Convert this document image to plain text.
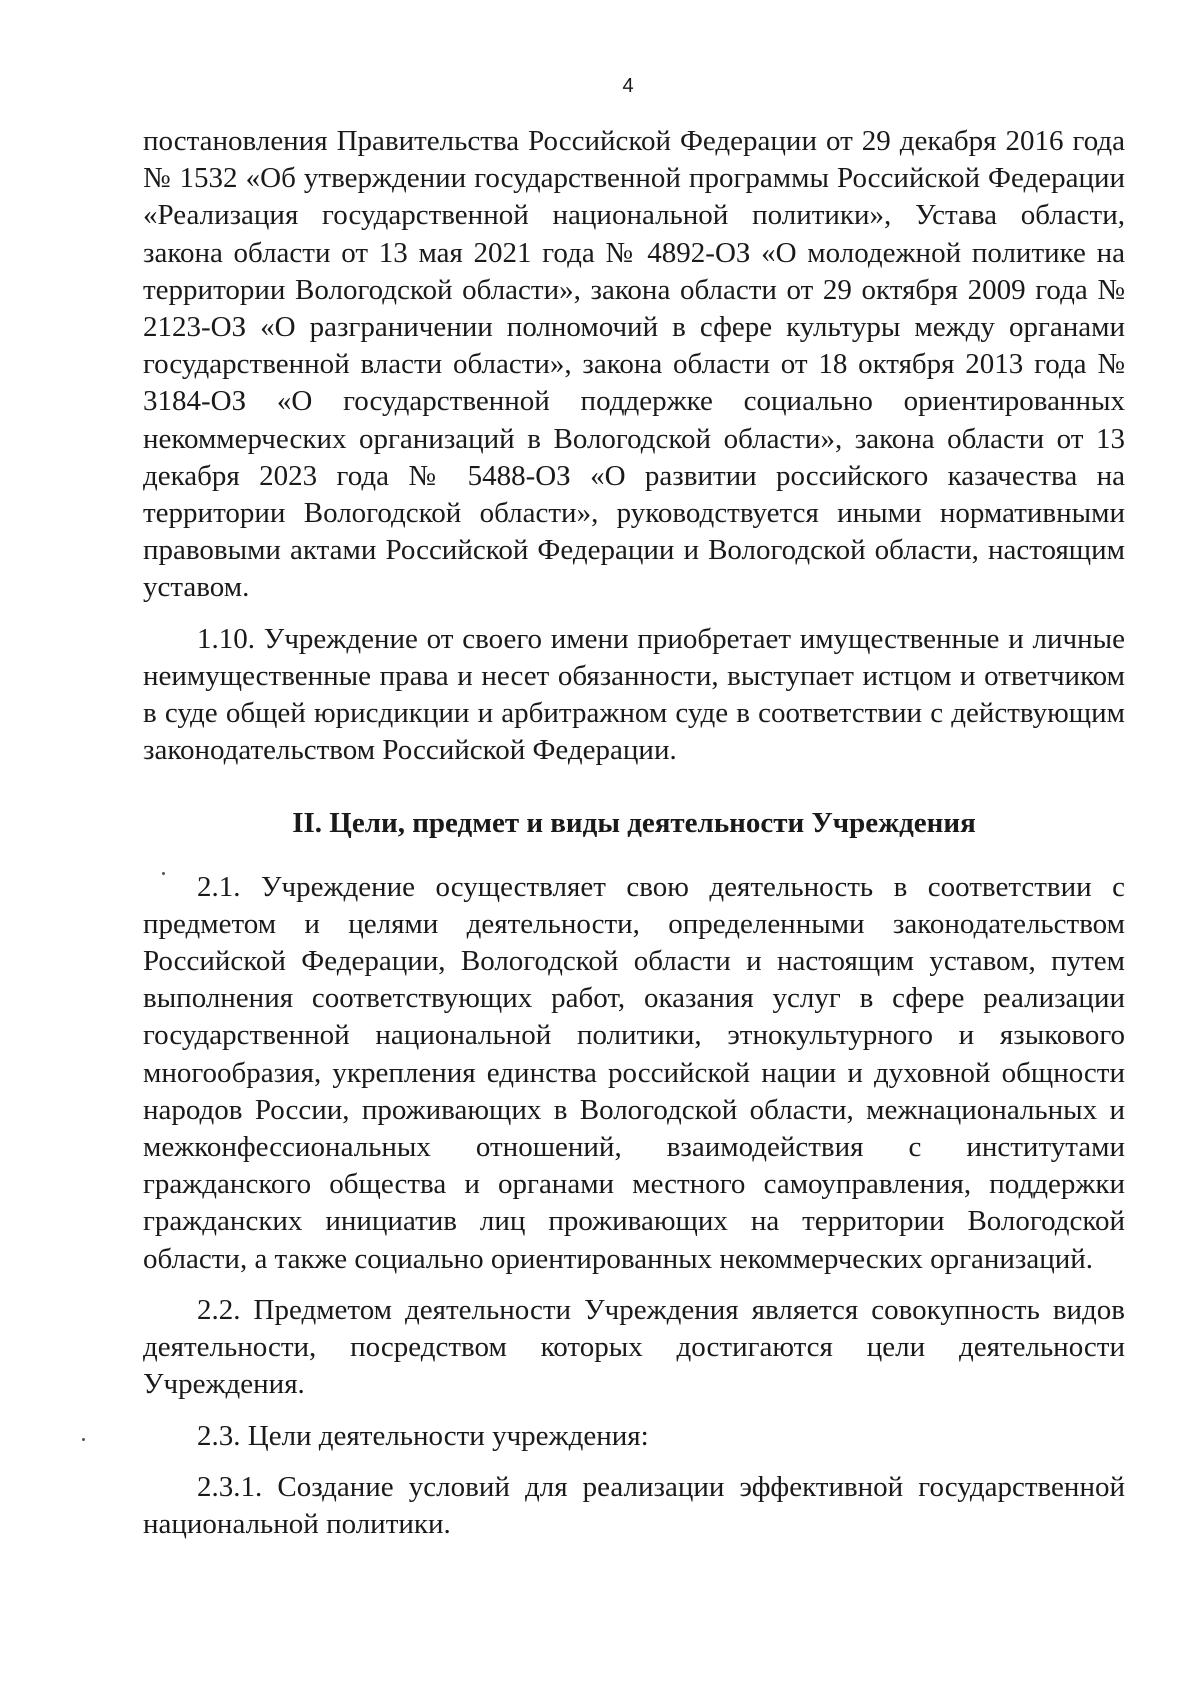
4

постановления Правительства Российской Федерации от 29 декабря 2016 года № 1532 «Об утверждении государственной программы Российской Федерации «Реализация государственной национальной политики», Устава области, закона области от 13 мая 2021 года № 4892-ОЗ «О молодежной политике на территории Вологодской области», закона области от 29 октября 2009 года № 2123-ОЗ «О разграничении полномочий в сфере культуры между органами государственной власти области», закона области от 18 октября 2013 года № 3184-ОЗ «О государственной поддержке социально ориентированных некоммерческих организаций в Вологодской области», закона области от 13 декабря 2023 года № 5488-ОЗ «О развитии российского казачества на территории Вологодской области», руководствуется иными нормативными правовыми актами Российской Федерации и Вологодской области, настоящим уставом.

1.10. Учреждение от своего имени приобретает имущественные и личные неимущественные права и несет обязанности, выступает истцом и ответчиком в суде общей юрисдикции и арбитражном суде в соответствии с действующим законодательством Российской Федерации.

II. Цели, предмет и виды деятельности Учреждения

2.1. Учреждение осуществляет свою деятельность в соответствии с предметом и целями деятельности, определенными законодательством Российской Федерации, Вологодской области и настоящим уставом, путем выполнения соответствующих работ, оказания услуг в сфере реализации государственной национальной политики, этнокультурного и языкового многообразия, укрепления единства российской нации и духовной общности народов России, проживающих в Вологодской области, межнациональных и межконфессиональных отношений, взаимодействия с институтами гражданского общества и органами местного самоуправления, поддержки гражданских инициатив лиц проживающих на территории Вологодской области, а также социально ориентированных некоммерческих организаций.

2.2. Предметом деятельности Учреждения является совокупность видов деятельности, посредством которых достигаются цели деятельности Учреждения.

2.3. Цели деятельности учреждения:

2.3.1. Создание условий для реализации эффективной государственной национальной политики.
